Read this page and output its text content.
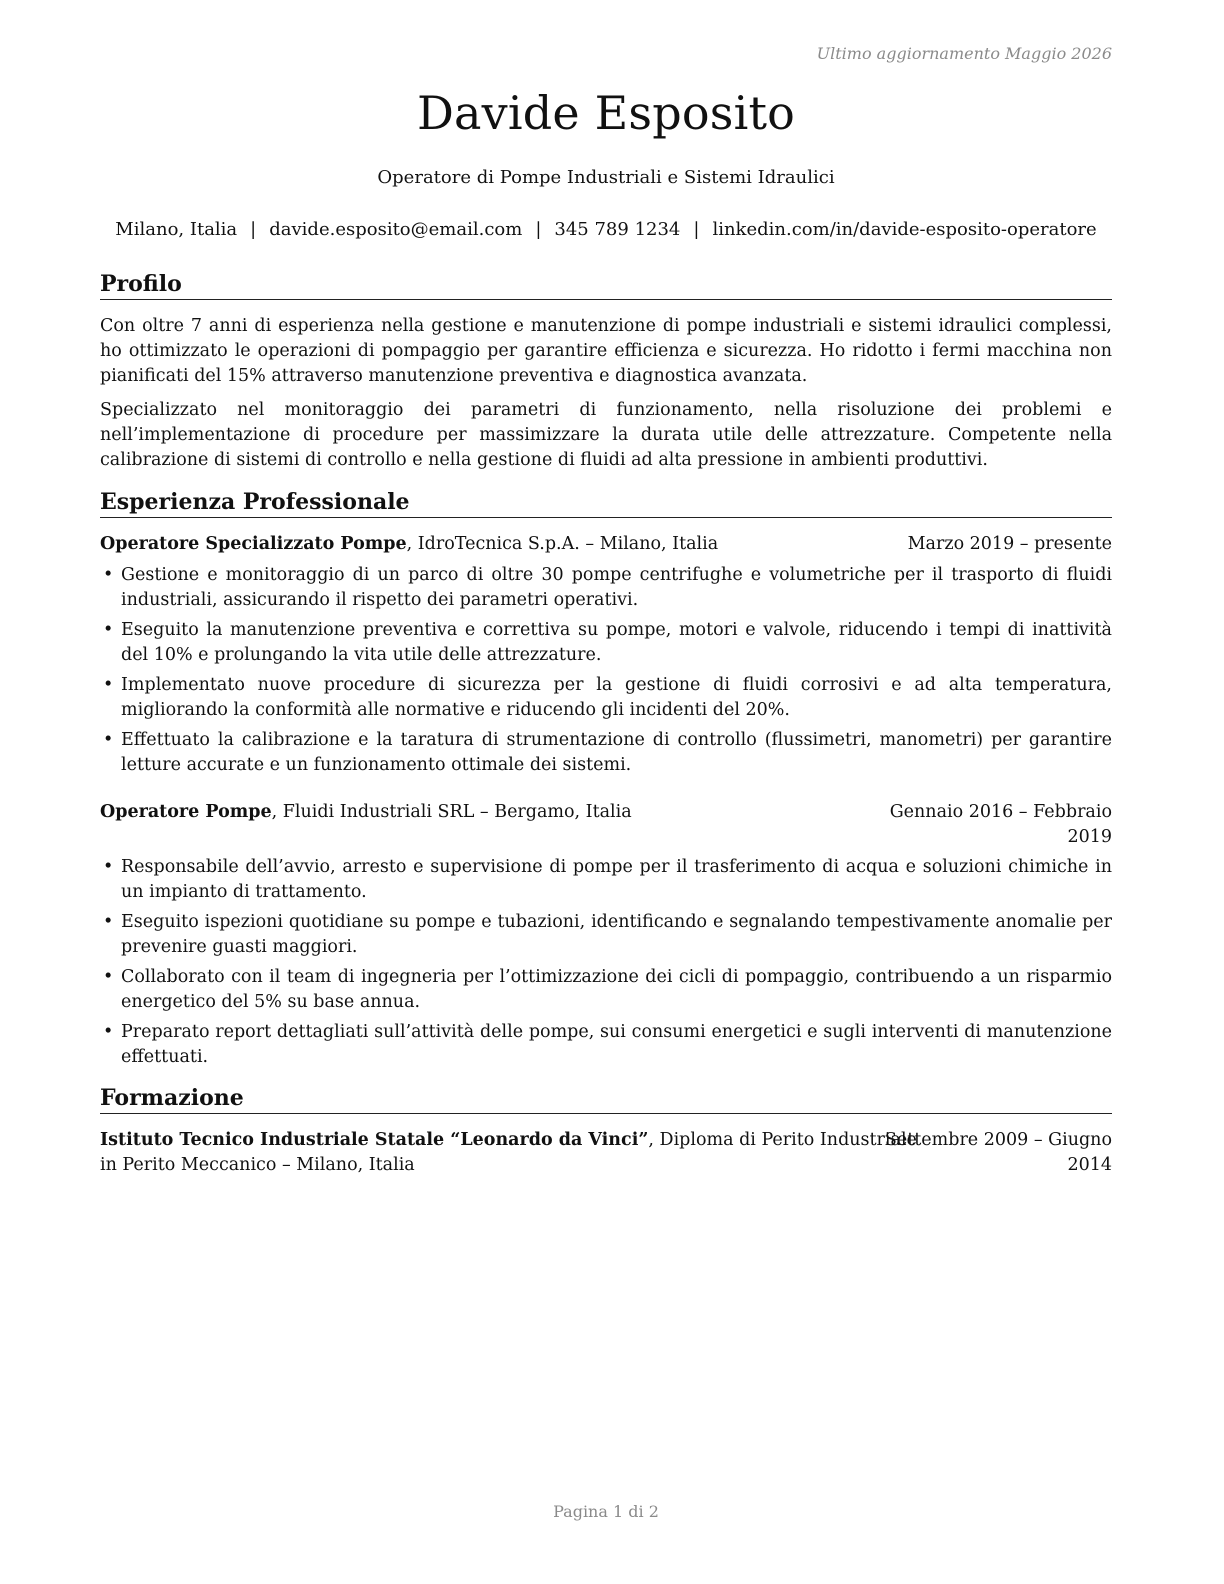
Ultimo aggiornamento Maggio 2026
Davide Esposito
Operatore di Pompe Industriali e Sistemi Idraulici
Milano, Italia | davide.esposito@email.com | 345 789 1234 | linkedin.com/in/davide-esposito-operatore
Profilo

Con oltre 7 anni di esperienza nella gestione e manutenzione di pompe industriali e sistemi idraulici complessi, ho ottimizzato le operazioni di pompaggio per garantire efficienza e sicurezza. Ho ridotto i fermi macchina non pianificati del 15% attraverso manutenzione preventiva e diagnostica avanzata.

Specializzato nel monitoraggio dei parametri di funzionamento, nella risoluzione dei problemi e nell’implementazione di procedure per massimizzare la durata utile delle attrezzature. Competente nella calibrazione di sistemi di controllo e nella gestione di fluidi ad alta pressione in ambienti produttivi.

Esperienza Professionale
Operatore Specializzato Pompe, IdroTecnica S.p.A. – Milano, Italia	Marzo 2019 – presente
• Gestione e monitoraggio di un parco di oltre 30 pompe centrifughe e volumetriche per il trasporto di fluidi industriali, assicurando il rispetto dei parametri operativi.
• Eseguito la manutenzione preventiva e correttiva su pompe, motori e valvole, riducendo i tempi di inattività del 10% e prolungando la vita utile delle attrezzature.
• Implementato nuove procedure di sicurezza per la gestione di fluidi corrosivi e ad alta temperatura, migliorando la conformità alle normative e riducendo gli incidenti del 20%.
• Effettuato la calibrazione e la taratura di strumentazione di controllo (flussimetri, manometri) per garantire letture accurate e un funzionamento ottimale dei sistemi.
Operatore Pompe, Fluidi Industriali SRL – Bergamo, Italia	Gennaio 2016 – Febbraio
2019
• Responsabile dell’avvio, arresto e supervisione di pompe per il trasferimento di acqua e soluzioni chimiche in un impianto di trattamento.
• Eseguito ispezioni quotidiane su pompe e tubazioni, identificando e segnalando tempestivamente anomalie per prevenire guasti maggiori.
• Collaborato con il team di ingegneria per l’ottimizzazione dei cicli di pompaggio, contribuendo a un risparmio energetico del 5% su base annua.
• Preparato report dettagliati sull’attività delle pompe, sui consumi energetici e sugli interventi di manutenzione effettuati.
Formazione
Istituto Tecnico Industriale Statale “Leonardo da Vinci”, Diploma di Perito Industriale
in Perito Meccanico – Milano, Italia
Settembre 2009 – Giugno
2014
Pagina 1 di 2
